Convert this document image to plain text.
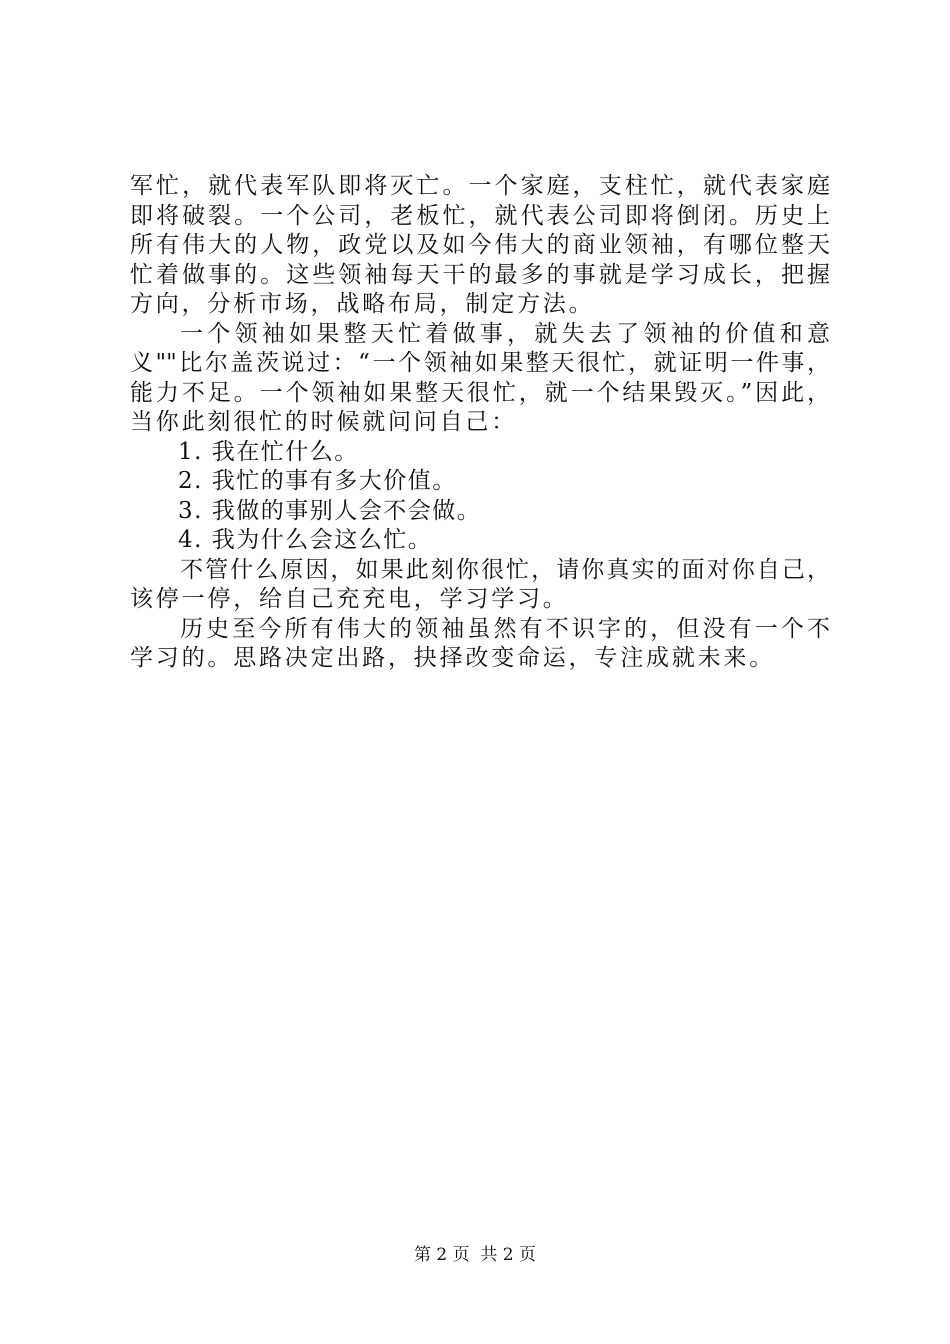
军忙，就代表军队即将灭亡。一个家庭，支柱忙，就代表家庭
即将破裂。一个公司，老板忙，就代表公司即将倒闭。历史上
所有伟大的人物，政党以及如今伟大的商业领袖，有哪位整天
忙着做事的。这些领袖每天干的最多的事就是学习成长，把握
方向，分析市场，战略布局，制定方法。
一个领袖如果整天忙着做事，就失去了领袖的价值和意
义""比尔盖茨说过：“一个领袖如果整天很忙，就证明一件事，
能力不足。一个领袖如果整天很忙，就一个结果毁灭。”因此，
当你此刻很忙的时候就问问自己：
1. 我在忙什么。
2. 我忙的事有多大价值。
3. 我做的事别人会不会做。
4. 我为什么会这么忙。
不管什么原因，如果此刻你很忙，请你真实的面对你自己，
该停一停，给自己充充电，学习学习。
历史至今所有伟大的领袖虽然有不识字的，但没有一个不
学习的。思路决定出路，抉择改变命运，专注成就未来。
第 2 页  共 2 页
